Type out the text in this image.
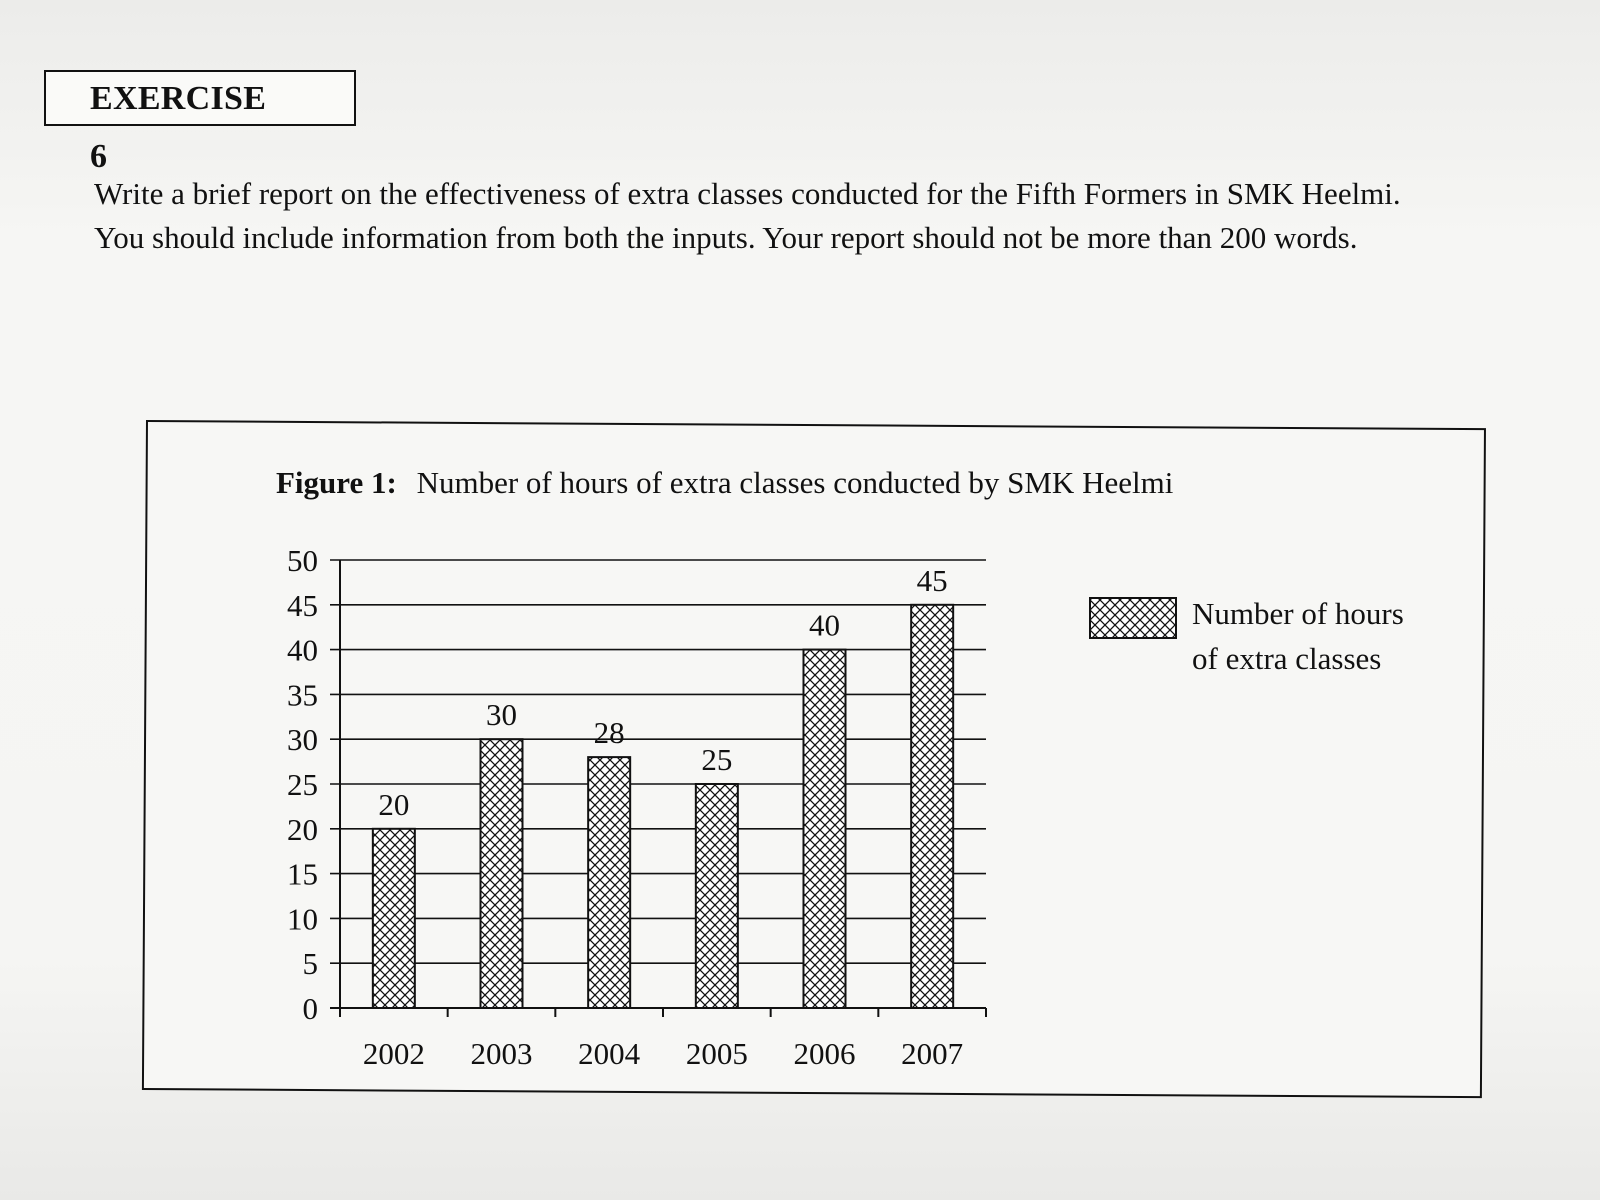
EXERCISE 6

Write a brief report on the effectiveness of extra classes conducted for the Fifth Formers in SMK Heelmi.

You should include information from both the inputs. Your report should not be more than 200 words.

Figure 1: Number of hours of extra classes conducted by SMK Heelmi
0
5
10
15
20
25
30
35
40
45
50
20
30
28
25
40
45
2002 2003 2004 2005 2006 2007
Number of hours
of extra classes
